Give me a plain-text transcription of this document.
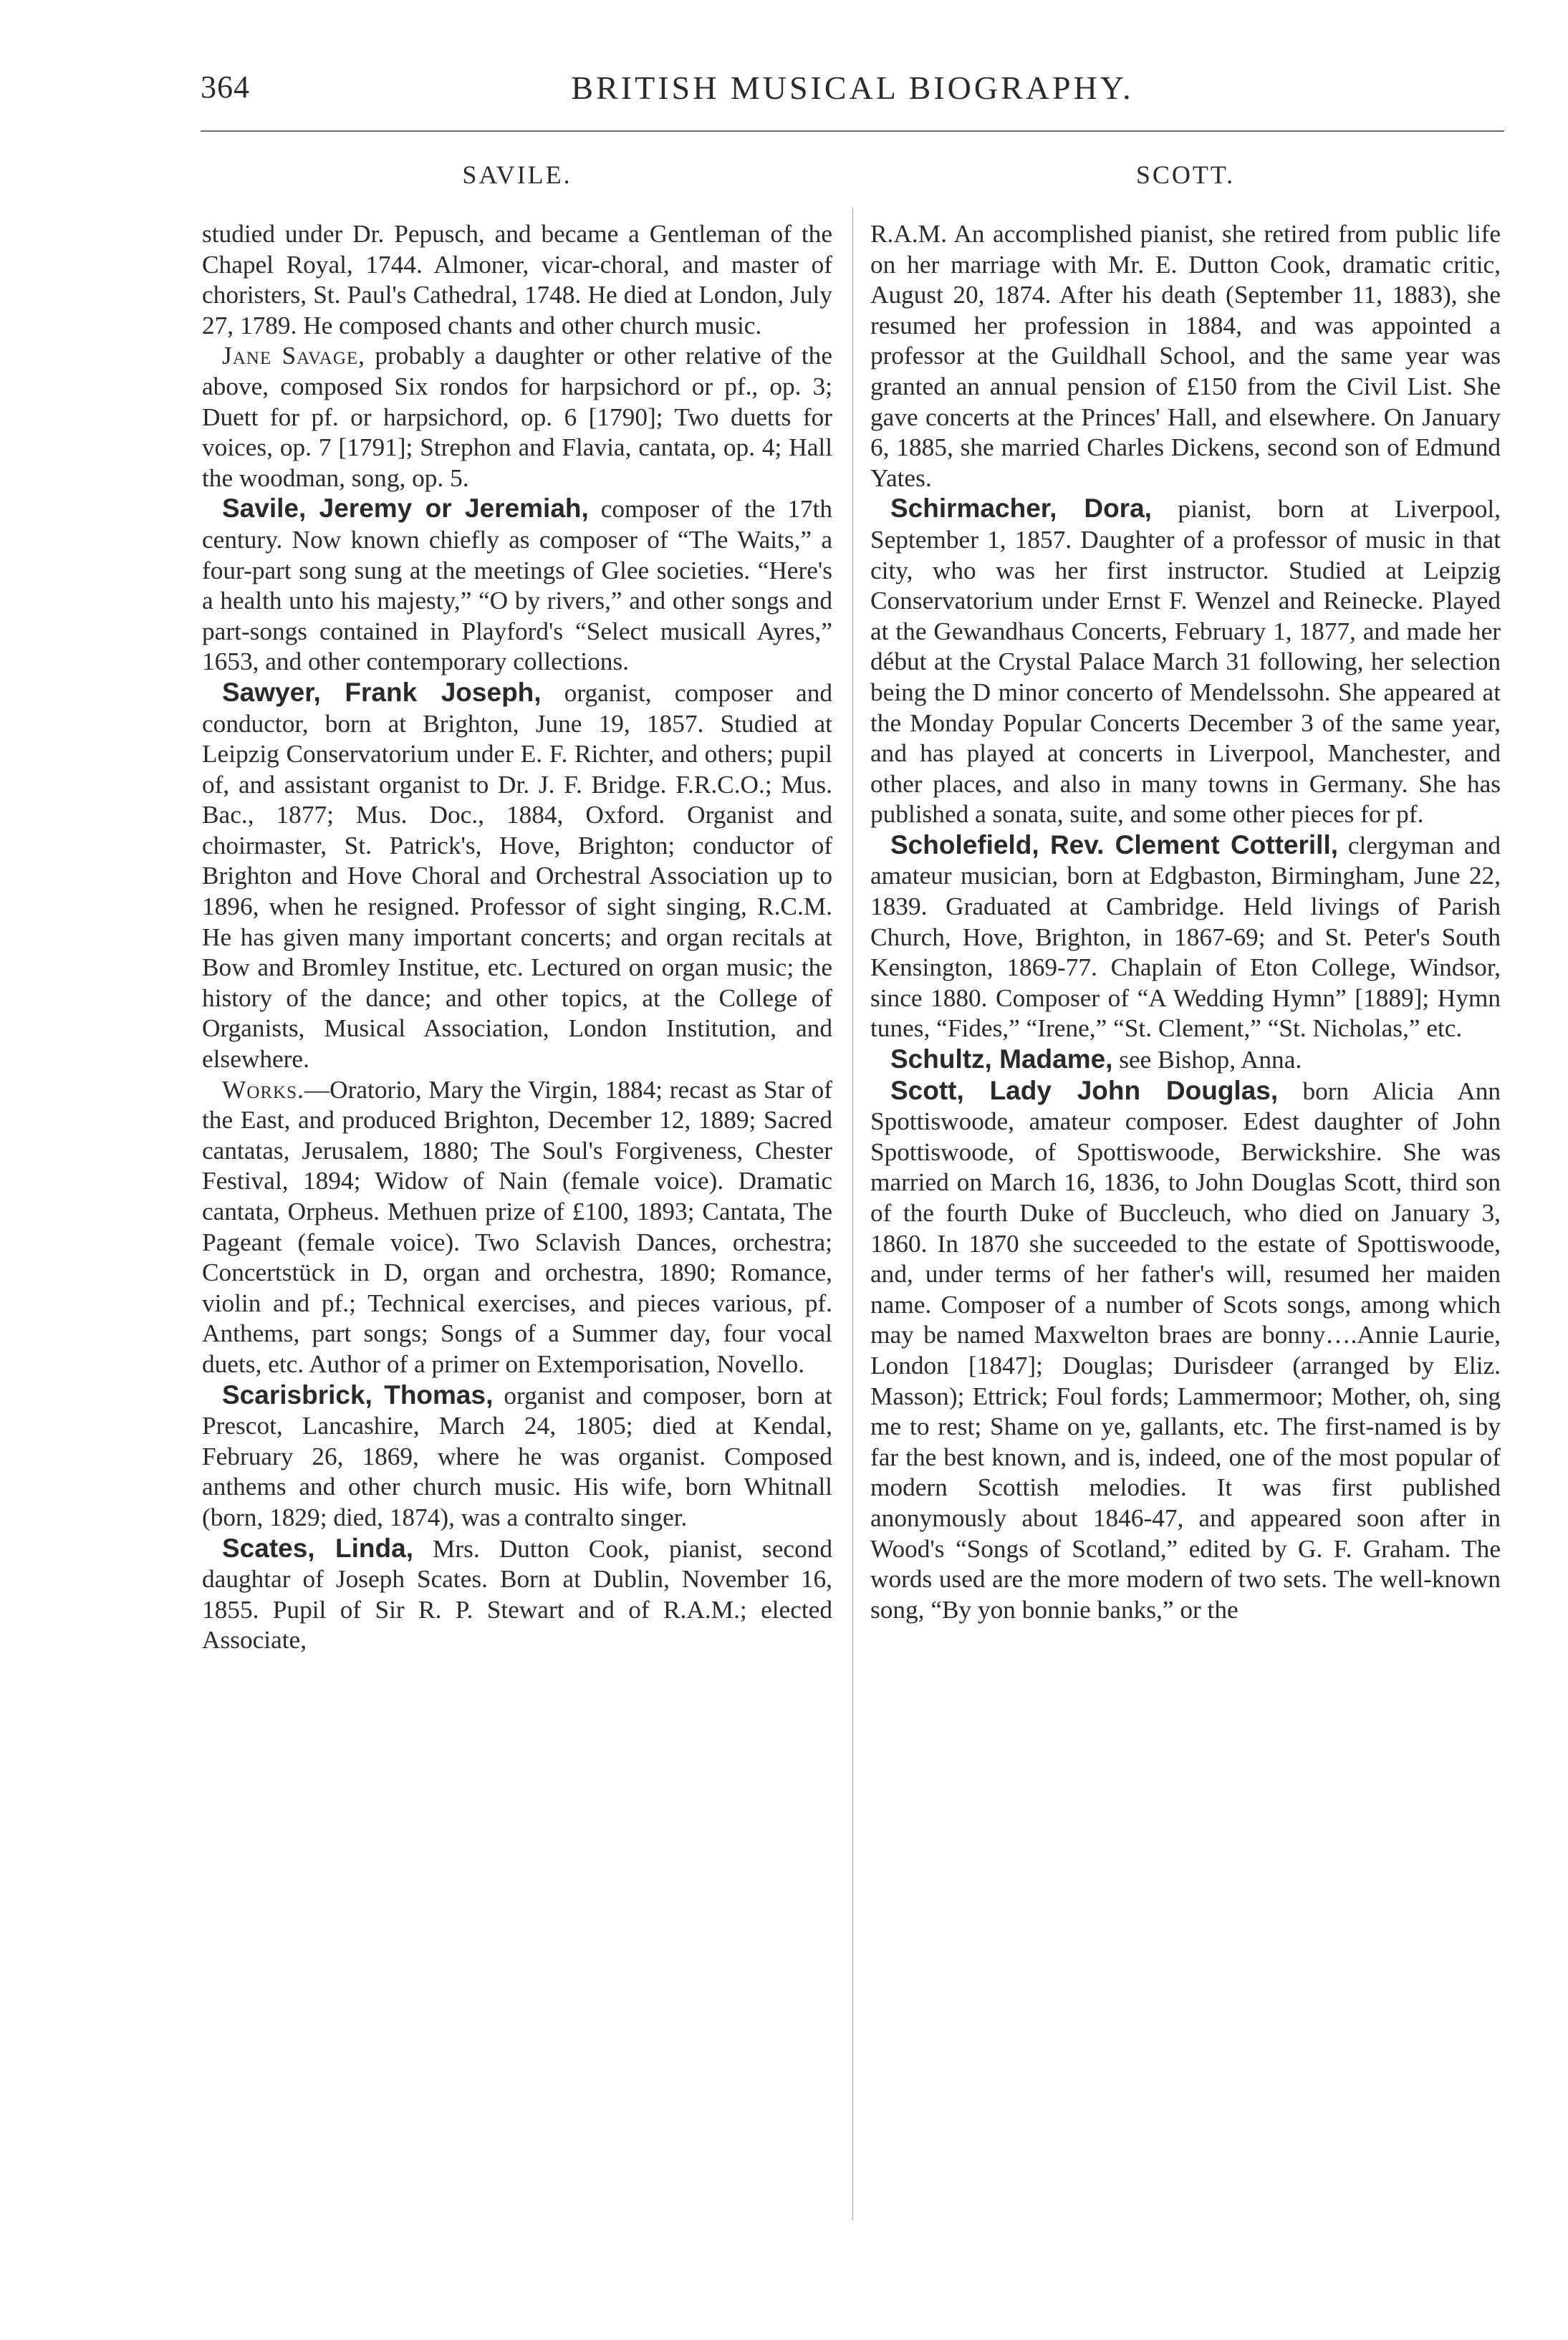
BRITISH MUSICAL BIOGRAPHY.
364
SAVILE.

studied under Dr. Pepusch, and became a Gentleman of the Chapel Royal, 1744. Almoner, vicar-choral, and master of choristers, St. Paul's Cathedral, 1748. He died at London, July 27, 1789. He composed chants and other church music.

Jane Savage, probably a daughter or other relative of the above, composed Six rondos for harpsichord or pf., op. 3; Duett for pf. or harpsichord, op. 6 [1790]; Two duetts for voices, op. 7 [1791]; Strephon and Flavia, cantata, op. 4; Hall the woodman, song, op. 5.

Savile, Jeremy or Jeremiah, composer of the 17th century. Now known chiefly as composer of “The Waits,” a four-part song sung at the meetings of Glee societies. “Here's a health unto his majesty,” “O by rivers,” and other songs and part-songs contained in Playford's “Select musicall Ayres,” 1653, and other contemporary collections.

Sawyer, Frank Joseph, organist, composer and conductor, born at Brighton, June 19, 1857. Studied at Leipzig Conservatorium under E. F. Richter, and others; pupil of, and assistant organist to Dr. J. F. Bridge. F.R.C.O.; Mus. Bac., 1877; Mus. Doc., 1884, Oxford. Organist and choirmaster, St. Patrick's, Hove, Brighton; conductor of Brighton and Hove Choral and Orchestral Association up to 1896, when he resigned. Professor of sight singing, R.C.M. He has given many important concerts; and organ recitals at Bow and Bromley Institue, etc. Lectured on organ music; the history of the dance; and other topics, at the College of Organists, Musical Association, London Institution, and elsewhere.

Works.—Oratorio, Mary the Virgin, 1884; recast as Star of the East, and produced Brighton, December 12, 1889; Sacred cantatas, Jerusalem, 1880; The Soul's Forgiveness, Chester Festival, 1894; Widow of Nain (female voice). Dramatic cantata, Orpheus. Methuen prize of £100, 1893; Cantata, The Pageant (female voice). Two Sclavish Dances, orchestra; Concertstück in D, organ and orchestra, 1890; Romance, violin and pf.; Technical exercises, and pieces various, pf. Anthems, part songs; Songs of a Summer day, four vocal duets, etc. Author of a primer on Extemporisation, Novello.

Scarisbrick, Thomas, organist and composer, born at Prescot, Lancashire, March 24, 1805; died at Kendal, February 26, 1869, where he was organist. Composed anthems and other church music. His wife, born Whitnall (born, 1829; died, 1874), was a contralto singer.

Scates, Linda, Mrs. Dutton Cook, pianist, second daughtar of Joseph Scates. Born at Dublin, November 16, 1855. Pupil of Sir R. P. Stewart and of R.A.M.; elected Associate,

SCOTT.

R.A.M. An accomplished pianist, she retired from public life on her marriage with Mr. E. Dutton Cook, dramatic critic, August 20, 1874. After his death (September 11, 1883), she resumed her profession in 1884, and was appointed a professor at the Guildhall School, and the same year was granted an annual pension of £150 from the Civil List. She gave concerts at the Princes' Hall, and elsewhere. On January 6, 1885, she married Charles Dickens, second son of Edmund Yates.

Schirmacher, Dora, pianist, born at Liverpool, September 1, 1857. Daughter of a professor of music in that city, who was her first instructor. Studied at Leipzig Conservatorium under Ernst F. Wenzel and Reinecke. Played at the Gewandhaus Concerts, February 1, 1877, and made her début at the Crystal Palace March 31 following, her selection being the D minor concerto of Mendelssohn. She appeared at the Monday Popular Concerts December 3 of the same year, and has played at concerts in Liverpool, Manchester, and other places, and also in many towns in Germany. She has published a sonata, suite, and some other pieces for pf.

Scholefield, Rev. Clement Cotterill, clergyman and amateur musician, born at Edgbaston, Birmingham, June 22, 1839. Graduated at Cambridge. Held livings of Parish Church, Hove, Brighton, in 1867-69; and St. Peter's South Kensington, 1869-77. Chaplain of Eton College, Windsor, since 1880. Composer of “A Wedding Hymn” [1889]; Hymn tunes, “Fides,” “Irene,” “St. Clement,” “St. Nicholas,” etc.

Schultz, Madame, see Bishop, Anna.

Scott, Lady John Douglas, born Alicia Ann Spottiswoode, amateur composer. Edest daughter of John Spottiswoode, of Spottiswoode, Berwickshire. She was married on March 16, 1836, to John Douglas Scott, third son of the fourth Duke of Buccleuch, who died on January 3, 1860. In 1870 she succeeded to the estate of Spottiswoode, and, under terms of her father's will, resumed her maiden name. Composer of a number of Scots songs, among which may be named Maxwelton braes are bonny….Annie Laurie, London [1847]; Douglas; Durisdeer (arranged by Eliz. Masson); Ettrick; Foul fords; Lammermoor; Mother, oh, sing me to rest; Shame on ye, gallants, etc. The first-named is by far the best known, and is, indeed, one of the most popular of modern Scottish melodies. It was first published anonymously about 1846-47, and appeared soon after in Wood's “Songs of Scotland,” edited by G. F. Graham. The words used are the more modern of two sets. The well-known song, “By yon bonnie banks,” or the
